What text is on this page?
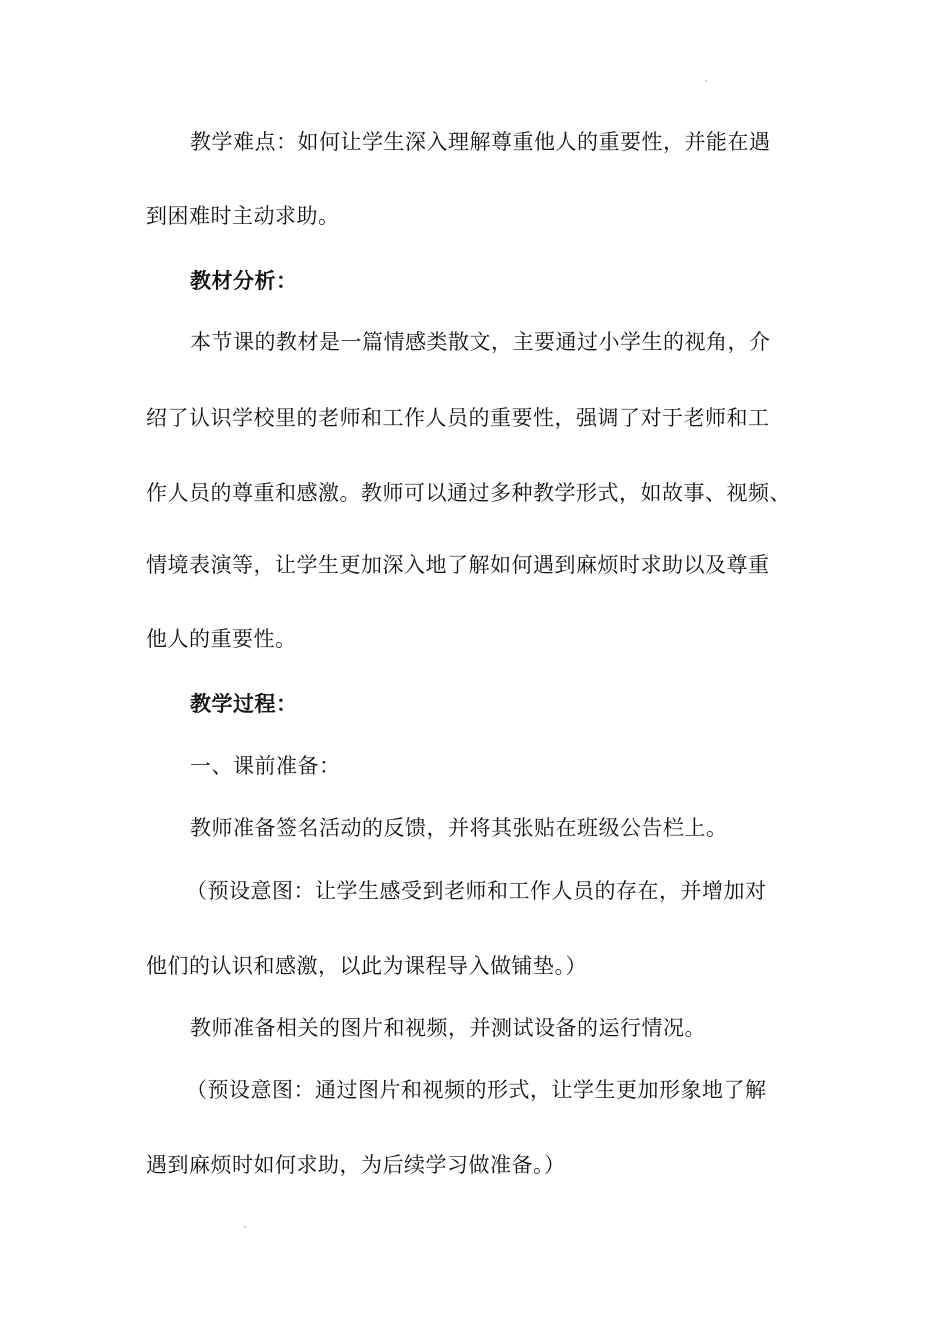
教学难点：如何让学生深入理解尊重他人的重要性，并能在遇
到困难时主动求助。
教材分析：
本节课的教材是一篇情感类散文，主要通过小学生的视角，介
绍了认识学校里的老师和工作人员的重要性，强调了对于老师和工
作人员的尊重和感激。教师可以通过多种教学形式，如故事、视频、
情境表演等，让学生更加深入地了解如何遇到麻烦时求助以及尊重
他人的重要性。
教学过程：
一、课前准备：
教师准备签名活动的反馈，并将其张贴在班级公告栏上。
（预设意图：让学生感受到老师和工作人员的存在，并增加对
他们的认识和感激，以此为课程导入做铺垫。）
教师准备相关的图片和视频，并测试设备的运行情况。
（预设意图：通过图片和视频的形式，让学生更加形象地了解
遇到麻烦时如何求助，为后续学习做准备。）
